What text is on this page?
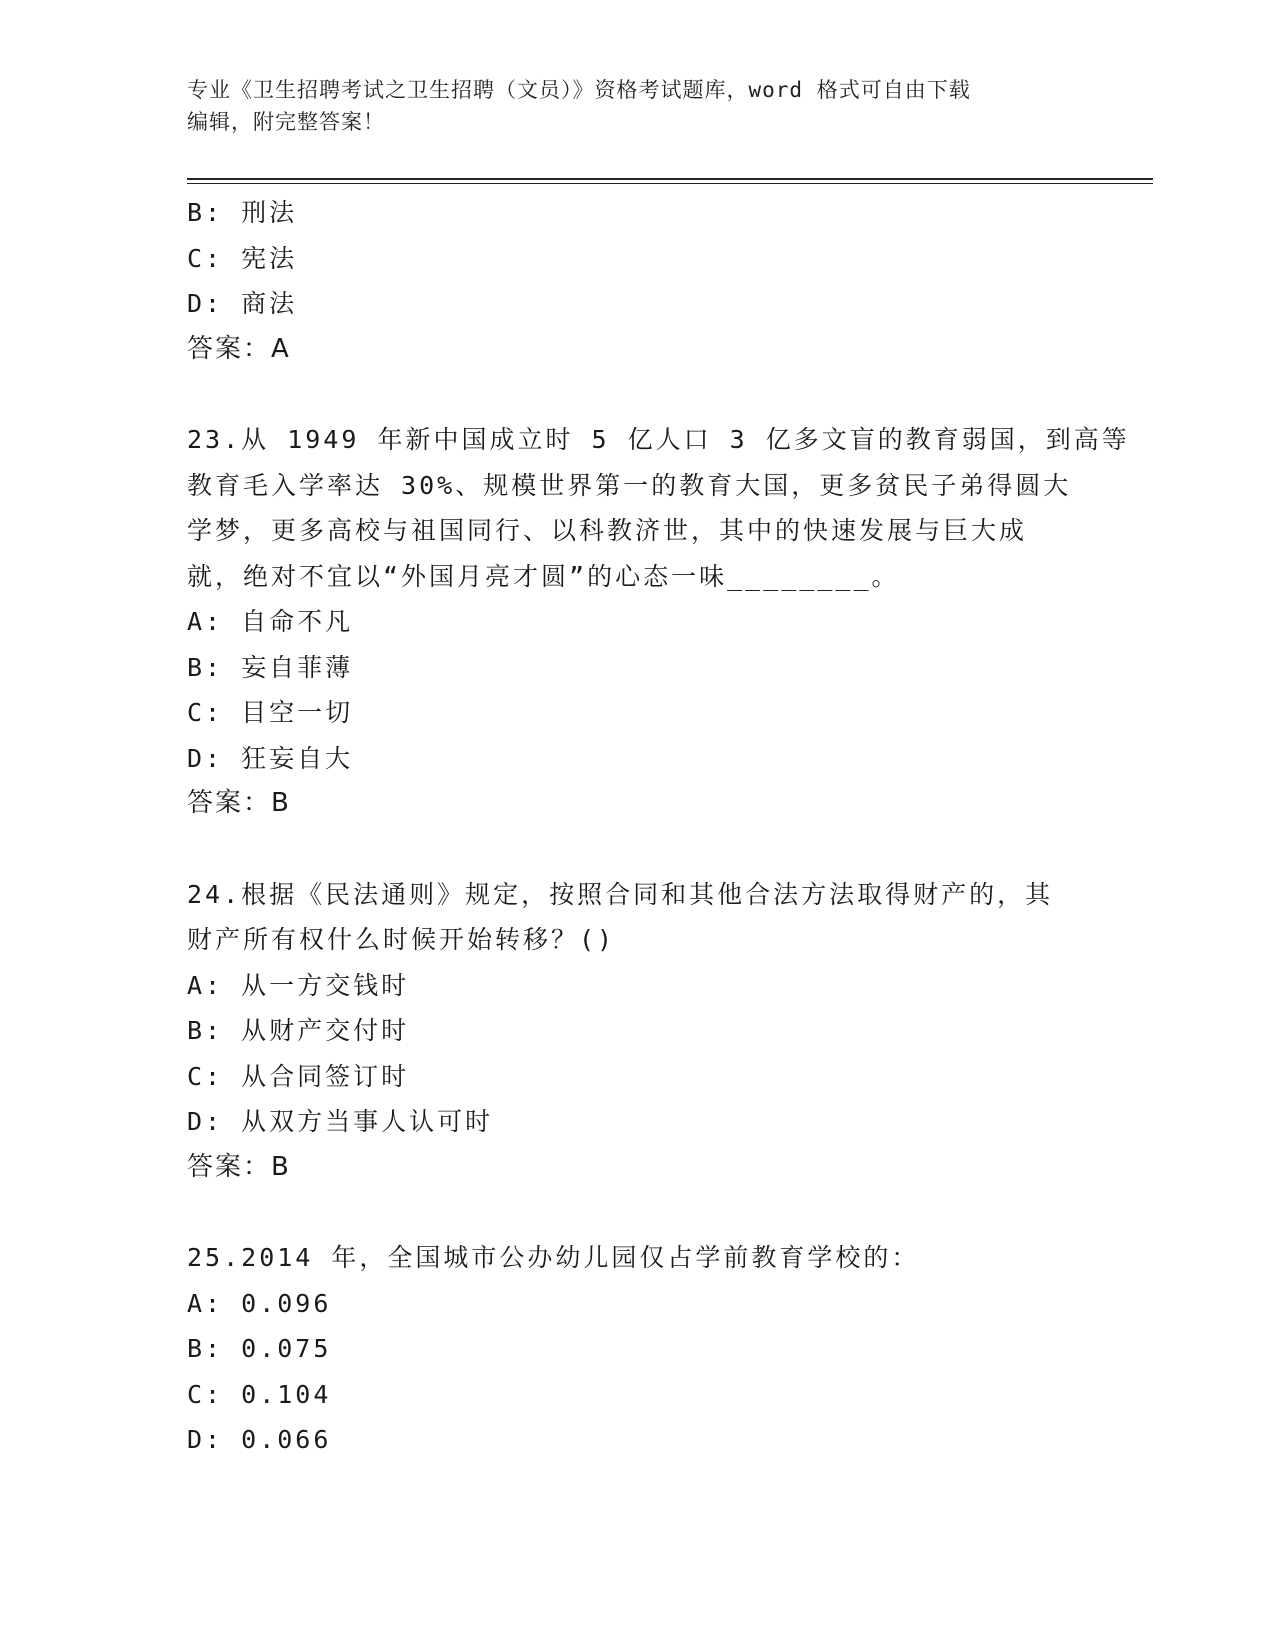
专业《卫生招聘考试之卫生招聘（文员）》资格考试题库，word 格式可自由下载
编辑，附完整答案！
B: 刑法
C: 宪法
D: 商法
答案：A
23.从 1949 年新中国成立时 5 亿人口 3 亿多文盲的教育弱国，到高等
教育毛入学率达 30%、规模世界第一的教育大国，更多贫民子弟得圆大
学梦，更多高校与祖国同行、以科教济世，其中的快速发展与巨大成
就，绝对不宜以“外国月亮才圆”的心态一味________。
A: 自命不凡
B: 妄自菲薄
C: 目空一切
D: 狂妄自大
答案：B
24.根据《民法通则》规定，按照合同和其他合法方法取得财产的，其
财产所有权什么时候开始转移？()
A: 从一方交钱时
B: 从财产交付时
C: 从合同签订时
D: 从双方当事人认可时
答案：B
25.2014 年，全国城市公办幼儿园仅占学前教育学校的：
A: 0.096
B: 0.075
C: 0.104
D: 0.066
